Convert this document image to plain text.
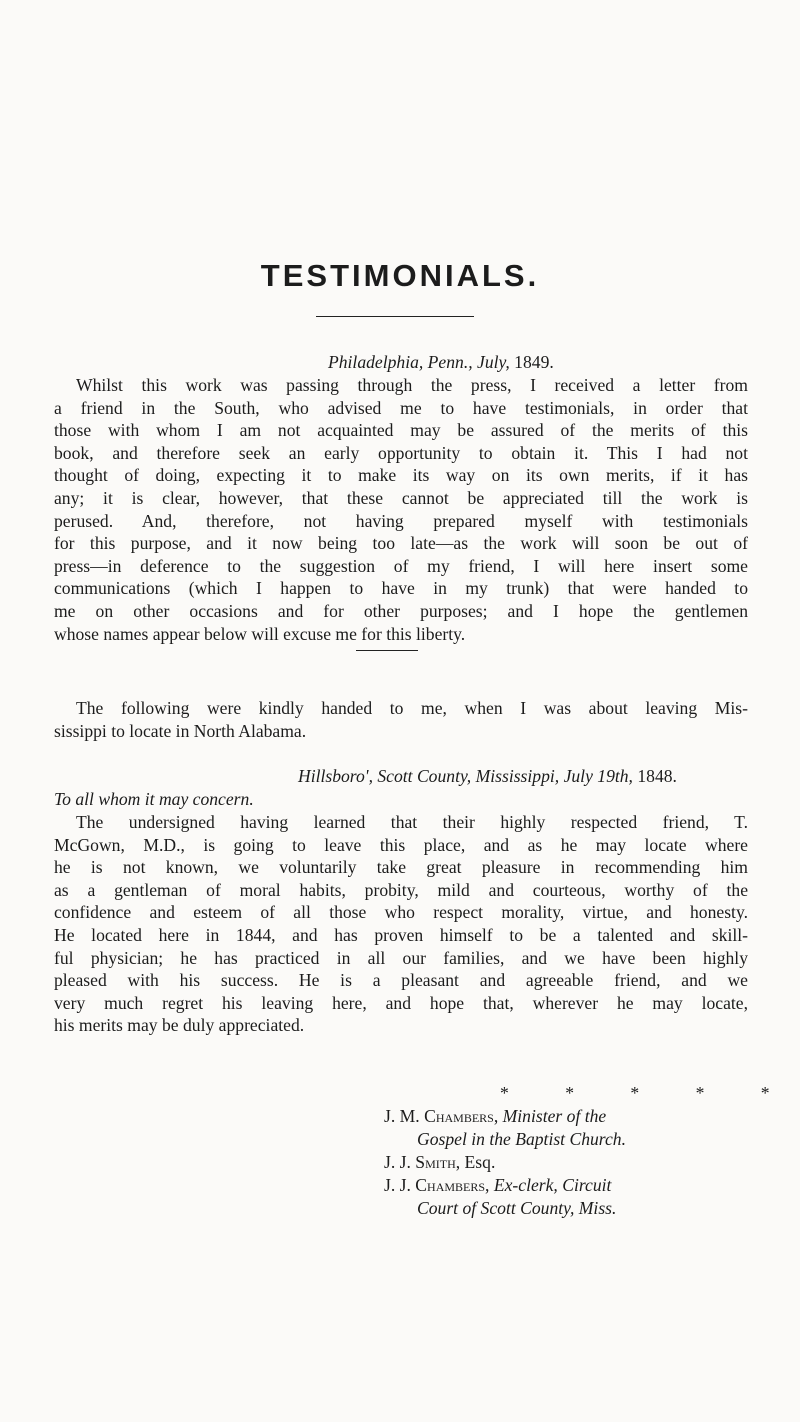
TESTIMONIALS.
Philadelphia, Penn., July, 1849.
Whilst this work was passing through the press, I received a letter from
a friend in the South, who advised me to have testimonials, in order that
those with whom I am not acquainted may be assured of the merits of this
book, and therefore seek an early opportunity to obtain it. This I had not
thought of doing, expecting it to make its way on its own merits, if it has
any; it is clear, however, that these cannot be appreciated till the work is
perused. And, therefore, not having prepared myself with testimonials
for this purpose, and it now being too late—as the work will soon be out of
press—in deference to the suggestion of my friend, I will here insert some
communications (which I happen to have in my trunk) that were handed to
me on other occasions and for other purposes; and I hope the gentlemen
whose names appear below will excuse me for this liberty.
The following were kindly handed to me, when I was about leaving Mis-
sissippi to locate in North Alabama.
Hillsboro', Scott County, Mississippi, July 19th, 1848.
To all whom it may concern.
The undersigned having learned that their highly respected friend, T.
McGown, M.D., is going to leave this place, and as he may locate where
he is not known, we voluntarily take great pleasure in recommending him
as a gentleman of moral habits, probity, mild and courteous, worthy of the
confidence and esteem of all those who respect morality, virtue, and honesty.
He located here in 1844, and has proven himself to be a talented and skill-
ful physician; he has practiced in all our families, and we have been highly
pleased with his success. He is a pleasant and agreeable friend, and we
very much regret his leaving here, and hope that, wherever he may locate,
his merits may be duly appreciated.
* * * * *
J. M. Chambers, Minister of the
Gospel in the Baptist Church.
J. J. Smith, Esq.
J. J. Chambers, Ex-clerk, Circuit
Court of Scott County, Miss.
